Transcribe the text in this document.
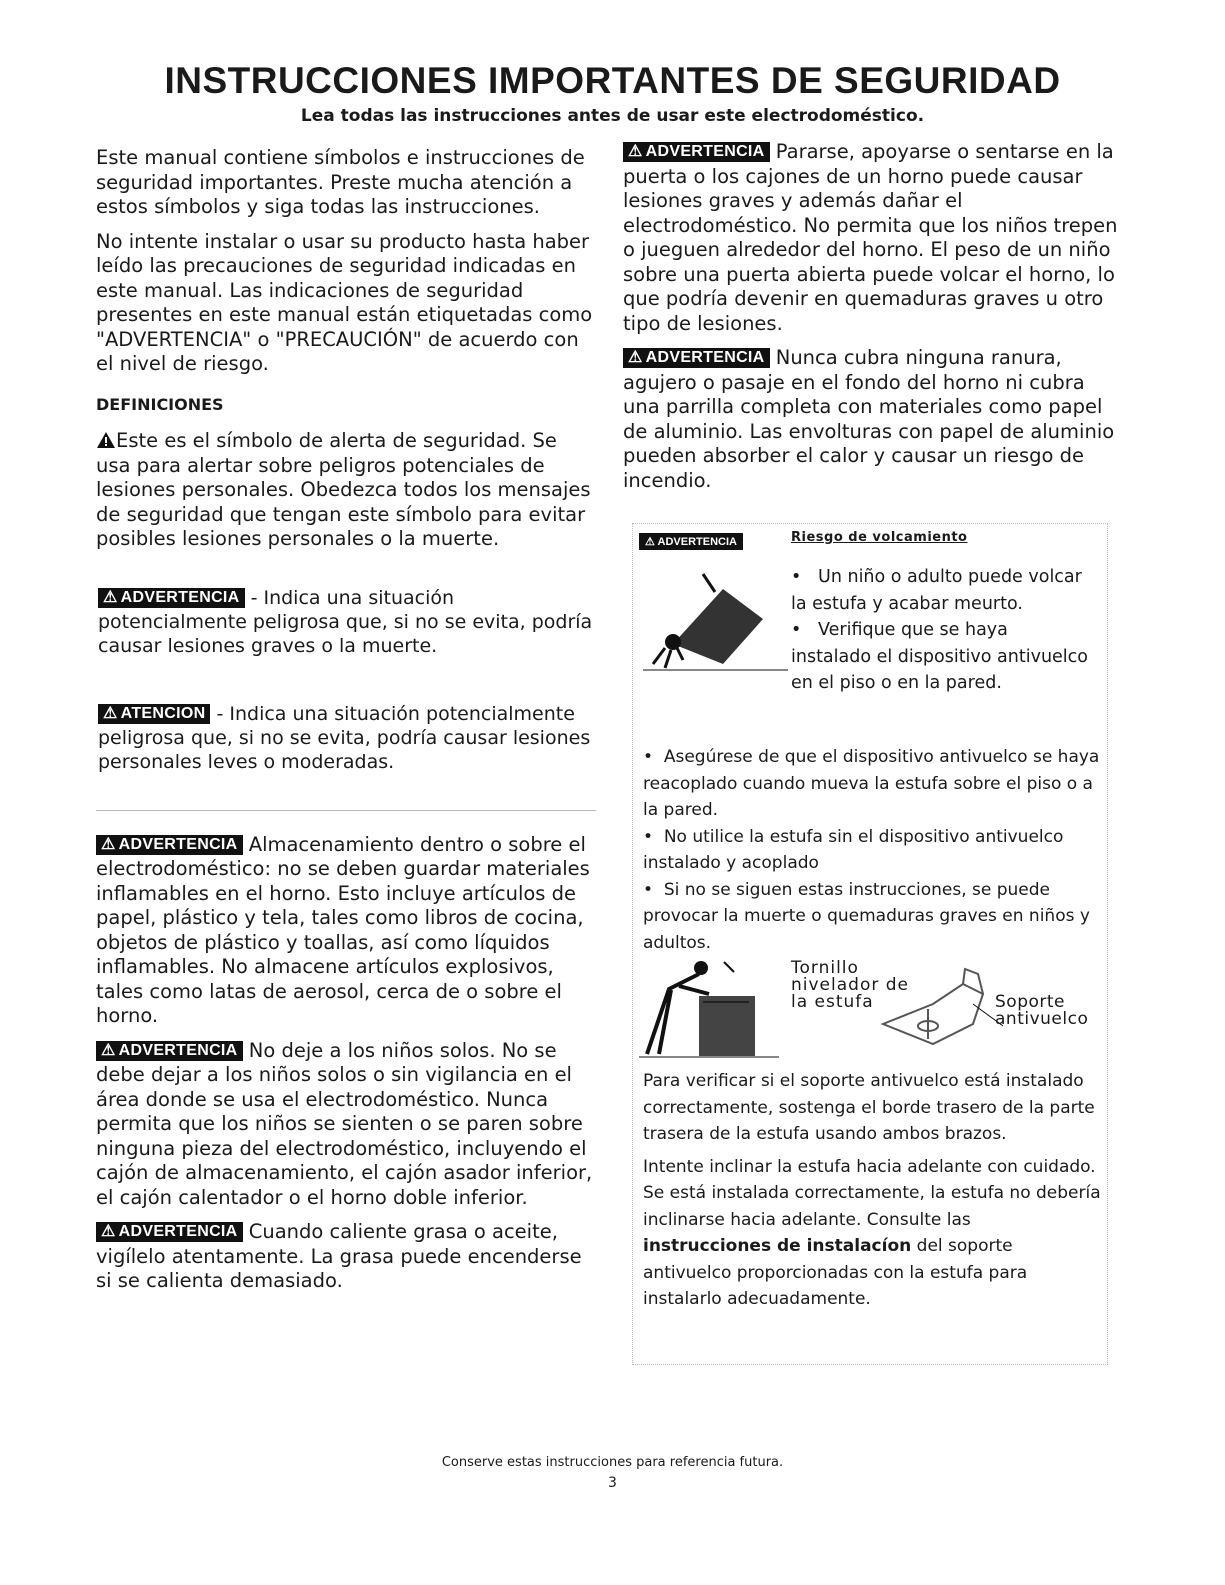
INSTRUCCIONES IMPORTANTES DE SEGURIDAD
Lea todas las instrucciones antes de usar este electrodoméstico.

Este manual contiene símbolos e instrucciones de seguridad importantes. Preste mucha atención a estos símbolos y siga todas las instrucciones.

No intente instalar o usar su producto hasta haber leído las precauciones de seguridad indicadas en este manual. Las indicaciones de seguridad presentes en este manual están etiquetadas como "ADVERTENCIA" o "PRECAUCIÓN" de acuerdo con el nivel de riesgo.

DEFINICIONES

Este es el símbolo de alerta de seguridad. Se usa para alertar sobre peligros potenciales de lesiones personales. Obedezca todos los mensajes de seguridad que tengan este símbolo para evitar posibles lesiones personales o la muerte.

⚠ ADVERTENCIA - Indica una situación potencialmente peligrosa que, si no se evita, podría causar lesiones graves o la muerte.
⚠ ATENCION - Indica una situación potencialmente peligrosa que, si no se evita, podría causar lesiones personales leves o moderadas.

⚠ ADVERTENCIA Almacenamiento dentro o sobre el electrodoméstico: no se deben guardar materiales inflamables en el horno. Esto incluye artículos de papel, plástico y tela, tales como libros de cocina, objetos de plástico y toallas, así como líquidos inflamables. No almacene artículos explosivos, tales como latas de aerosol, cerca de o sobre el horno.

⚠ ADVERTENCIA No deje a los niños solos. No se debe dejar a los niños solos o sin vigilancia en el área donde se usa el electrodoméstico. Nunca permita que los niños se sienten o se paren sobre ninguna pieza del electrodoméstico, incluyendo el cajón de almacenamiento, el cajón asador inferior, el cajón calentador o el horno doble inferior.

⚠ ADVERTENCIA Cuando caliente grasa o aceite, vigílelo atentamente. La grasa puede encenderse si se calienta demasiado.

⚠ ADVERTENCIA Pararse, apoyarse o sentarse en la puerta o los cajones de un horno puede causar lesiones graves y además dañar el electrodoméstico. No permita que los niños trepen o jueguen alrededor del horno. El peso de un niño sobre una puerta abierta puede volcar el horno, lo que podría devenir en quemaduras graves u otro tipo de lesiones.

⚠ ADVERTENCIA Nunca cubra ninguna ranura, agujero o pasaje en el fondo del horno ni cubra una parrilla completa con materiales como papel de aluminio. Las envolturas con papel de aluminio pueden absorber el calor y causar un riesgo de incendio.

⚠ ADVERTENCIA	Riesgo de volcamiento
•   Un niño o adulto puede volcar la estufa y acabar meurto.
•   Verifique que se haya instalado el dispositivo antivuelco en el piso o en la pared.
•  Asegúrese de que el dispositivo antivuelco se haya reacoplado cuando mueva la estufa sobre el piso o a la pared.
•  No utilice la estufa sin el dispositivo antivuelco instalado y acoplado
•  Si no se siguen estas instrucciones, se puede provocar la muerte o quemaduras graves en niños y adultos.
Tornillo nivelador de la estufa	Soporte antivuelco

Para verificar si el soporte antivuelco está instalado correctamente, sostenga el borde trasero de la parte trasera de la estufa usando ambos brazos.

Intente inclinar la estufa hacia adelante con cuidado. Se está instalada correctamente, la estufa no debería inclinarse hacia adelante. Consulte las instrucciones de instalacíon del soporte antivuelco proporcionadas con la estufa para instalarlo adecuadamente.

Conserve estas instrucciones para referencia futura.
3
